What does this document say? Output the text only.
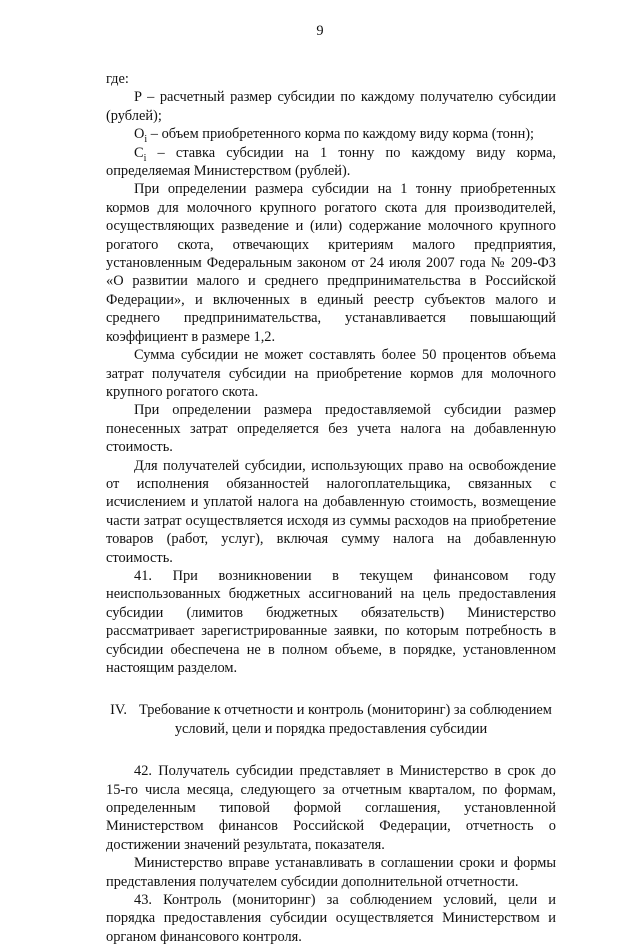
9

где:

P – расчетный размер субсидии по каждому получателю субсидии (рублей);

$O_i$ – объем приобретенного корма по каждому виду корма (тонн);

$C_i$ – ставка субсидии на 1 тонну по каждому виду корма, определяемая Министерством (рублей).

При определении размера субсидии на 1 тонну приобретенных кормов для молочного крупного рогатого скота для производителей, осуществляющих разведение и (или) содержание молочного крупного рогатого скота, отвечающих критериям малого предприятия, установленным Федеральным законом от 24 июля 2007 года № 209-ФЗ «О развитии малого и среднего предпринимательства в Российской Федерации», и включенных в единый реестр субъектов малого и среднего предпринимательства, устанавливается повышающий коэффициент в размере 1,2.

Сумма субсидии не может составлять более 50 процентов объема затрат получателя субсидии на приобретение кормов для молочного крупного рогатого скота.

При определении размера предоставляемой субсидии размер понесенных затрат определяется без учета налога на добавленную стоимость.

Для получателей субсидии, использующих право на освобождение от исполнения обязанностей налогоплательщика, связанных с исчислением и уплатой налога на добавленную стоимость, возмещение части затрат осуществляется исходя из суммы расходов на приобретение товаров (работ, услуг), включая сумму налога на добавленную стоимость.

41. При возникновении в текущем финансовом году неиспользованных бюджетных ассигнований на цель предоставления субсидии (лимитов бюджетных обязательств) Министерство рассматривает зарегистрированные заявки, по которым потребность в субсидии обеспечена не в полном объеме, в порядке, установленном настоящим разделом.

IV. Требование к отчетности и контроль (мониторинг) за соблюдением
условий, цели и порядка предоставления субсидии

42. Получатель субсидии представляет в Министерство в срок до 15-го числа месяца, следующего за отчетным кварталом, по формам, определенным типовой формой соглашения, установленной Министерством финансов Российской Федерации, отчетность о достижении значений результата, показателя.

Министерство вправе устанавливать в соглашении сроки и формы представления получателем субсидии дополнительной отчетности.

43. Контроль (мониторинг) за соблюдением условий, цели и порядка предоставления субсидии осуществляется Министерством и органом финансового контроля.
